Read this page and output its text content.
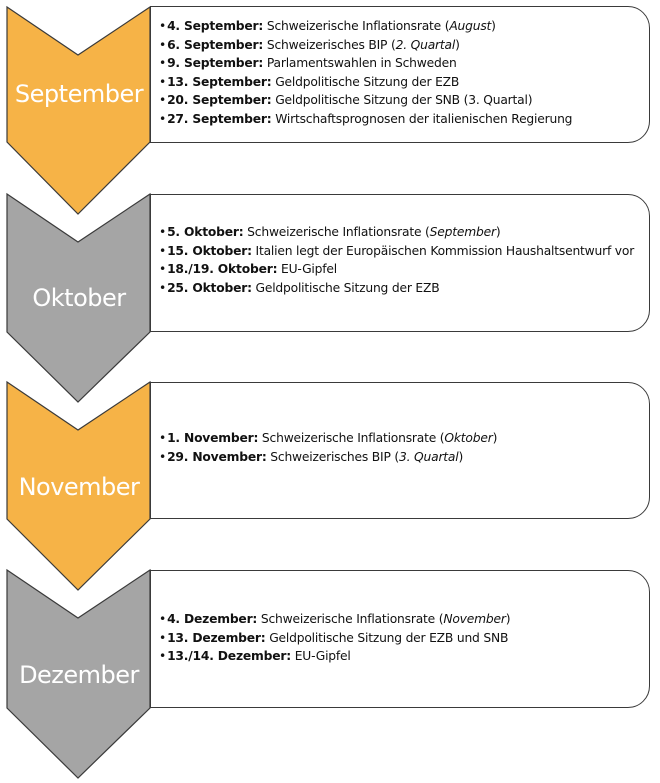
September
Oktober
November
Dezember
• 4. September: Schweizerische Inflationsrate (August)
• 6. September: Schweizerisches BIP (2. Quartal)
• 9. September: Parlamentswahlen in Schweden
• 13. September: Geldpolitische Sitzung der EZB
• 20. September: Geldpolitische Sitzung der SNB (3. Quartal)
• 27. September: Wirtschaftsprognosen der italienischen Regierung
• 5. Oktober: Schweizerische Inflationsrate (September)
• 15. Oktober: Italien legt der Europäischen Kommission Haushaltsentwurf vor
• 18./19. Oktober: EU-Gipfel
• 25. Oktober: Geldpolitische Sitzung der EZB
• 1. November: Schweizerische Inflationsrate (Oktober)
• 29. November: Schweizerisches BIP (3. Quartal)
• 4. Dezember: Schweizerische Inflationsrate (November)
• 13. Dezember: Geldpolitische Sitzung der EZB und SNB
• 13./14. Dezember: EU-Gipfel
